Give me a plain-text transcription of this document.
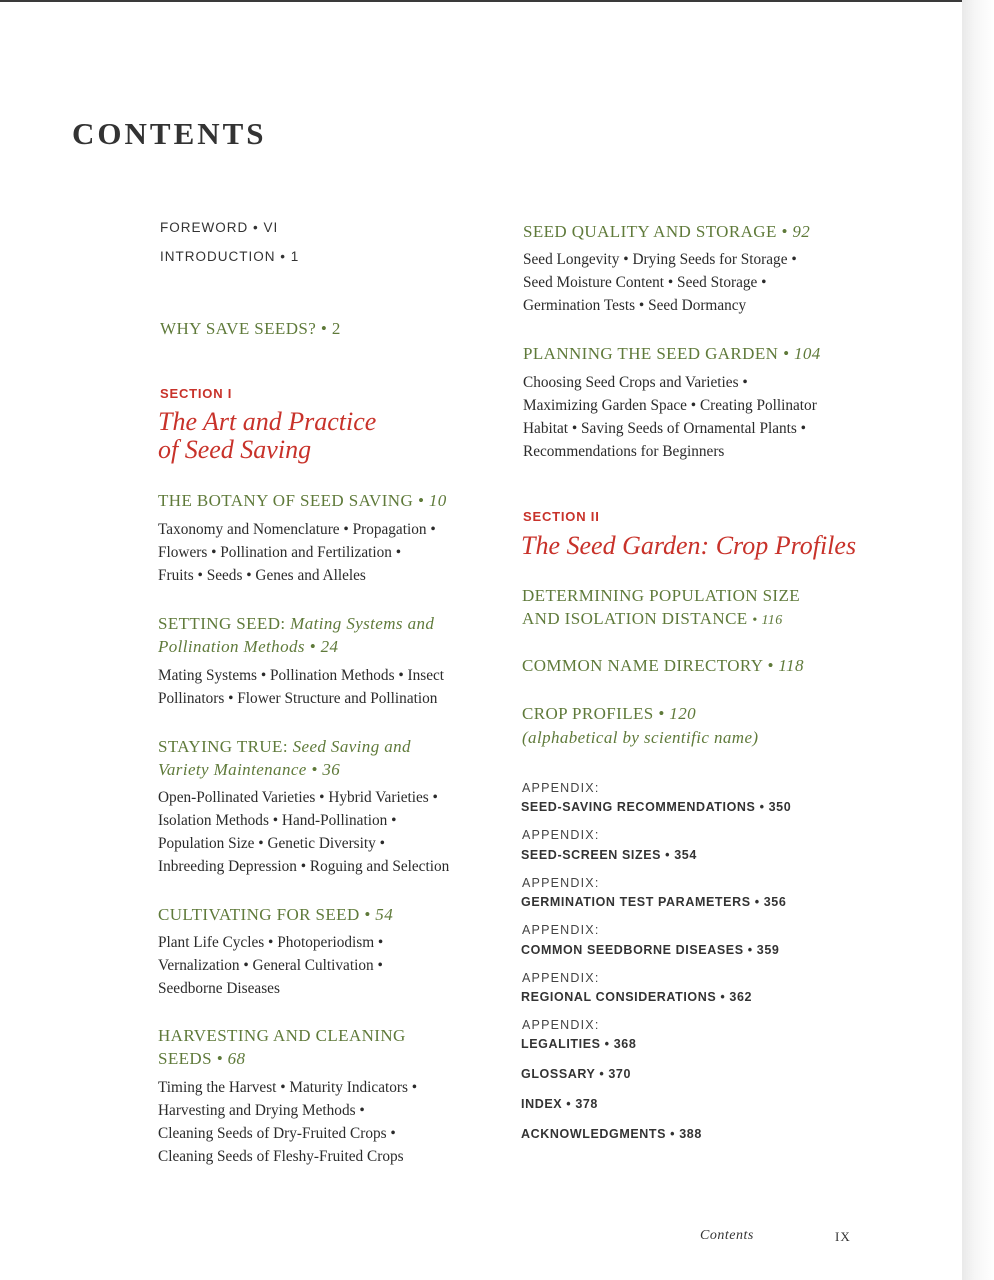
CONTENTS
FOREWORD • VI
INTRODUCTION • 1
WHY SAVE SEEDS? • 2
SECTION I
The Art and Practice
of Seed Saving
THE BOTANY OF SEED SAVING • 10
Taxonomy and Nomenclature • Propagation •
Flowers • Pollination and Fertilization •
Fruits • Seeds • Genes and Alleles
SETTING SEED: Mating Systems and
Pollination Methods • 24
Mating Systems • Pollination Methods • Insect
Pollinators • Flower Structure and Pollination
STAYING TRUE: Seed Saving and
Variety Maintenance • 36
Open-Pollinated Varieties • Hybrid Varieties •
Isolation Methods • Hand-Pollination •
Population Size • Genetic Diversity •
Inbreeding Depression • Roguing and Selection
CULTIVATING FOR SEED • 54
Plant Life Cycles • Photoperiodism •
Vernalization • General Cultivation •
Seedborne Diseases
HARVESTING AND CLEANING
SEEDS • 68
Timing the Harvest • Maturity Indicators •
Harvesting and Drying Methods •
Cleaning Seeds of Dry-Fruited Crops •
Cleaning Seeds of Fleshy-Fruited Crops
SEED QUALITY AND STORAGE • 92
Seed Longevity • Drying Seeds for Storage •
Seed Moisture Content • Seed Storage •
Germination Tests • Seed Dormancy
PLANNING THE SEED GARDEN • 104
Choosing Seed Crops and Varieties •
Maximizing Garden Space • Creating Pollinator
Habitat • Saving Seeds of Ornamental Plants •
Recommendations for Beginners
SECTION II
The Seed Garden: Crop Profiles
DETERMINING POPULATION SIZE
AND ISOLATION DISTANCE • 116
COMMON NAME DIRECTORY • 118
CROP PROFILES • 120
(alphabetical by scientific name)
APPENDIX:
SEED-SAVING RECOMMENDATIONS • 350
APPENDIX:
SEED-SCREEN SIZES • 354
APPENDIX:
GERMINATION TEST PARAMETERS • 356
APPENDIX:
COMMON SEEDBORNE DISEASES • 359
APPENDIX:
REGIONAL CONSIDERATIONS • 362
APPENDIX:
LEGALITIES • 368
GLOSSARY • 370
INDEX • 378
ACKNOWLEDGMENTS • 388
Contents	IX
